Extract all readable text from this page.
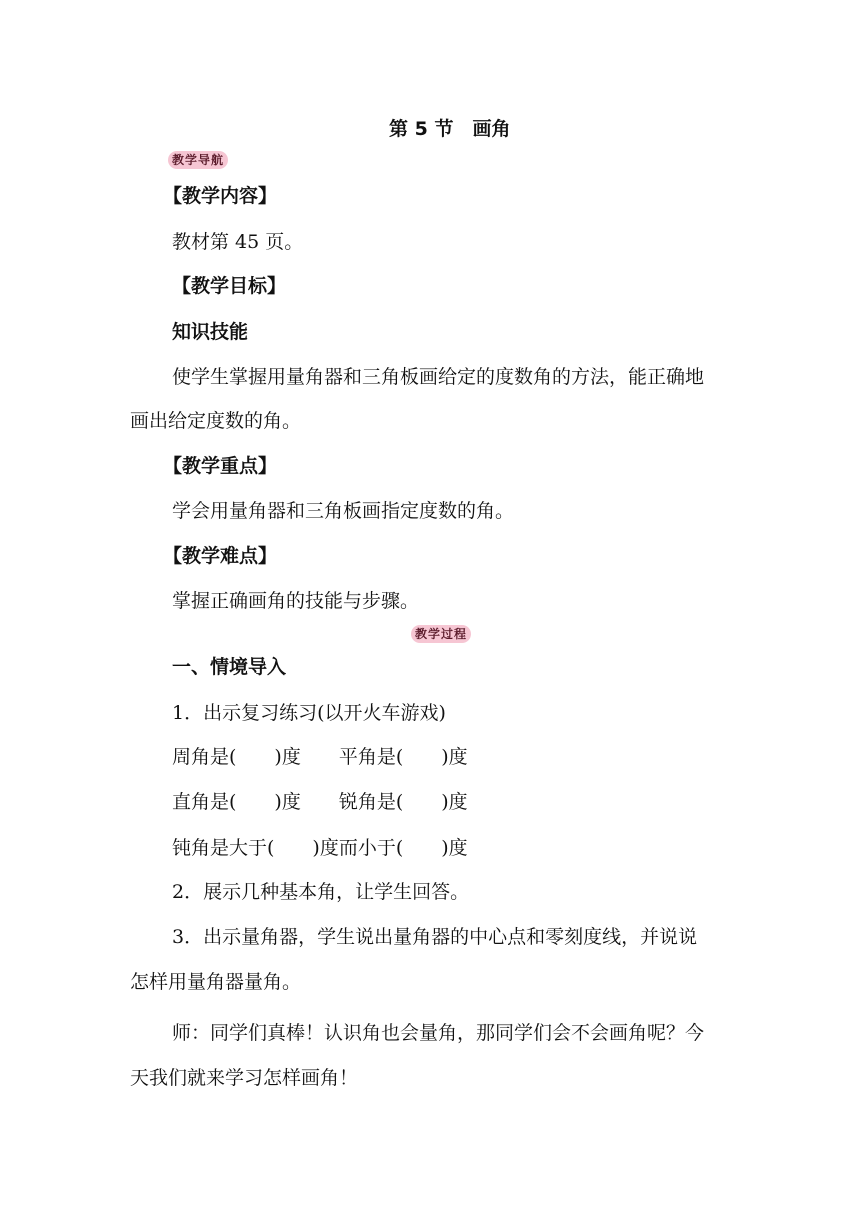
第 5 节　画角
教学导航
【教学内容】
教材第 45 页。
【教学目标】
知识技能
使学生掌握用量角器和三角板画给定的度数角的方法，能正确地
画出给定度数的角。
【教学重点】
学会用量角器和三角板画指定度数的角。
【教学难点】
掌握正确画角的技能与步骤。
教学过程
一、情境导入
1．出示复习练习(以开火车游戏)
周角是(　　)度　　平角是(　　)度
直角是(　　)度　　锐角是(　　)度
钝角是大于(　　)度而小于(　　)度
2．展示几种基本角，让学生回答。
3．出示量角器，学生说出量角器的中心点和零刻度线，并说说
怎样用量角器量角。
师：同学们真棒！认识角也会量角，那同学们会不会画角呢？今
天我们就来学习怎样画角！
